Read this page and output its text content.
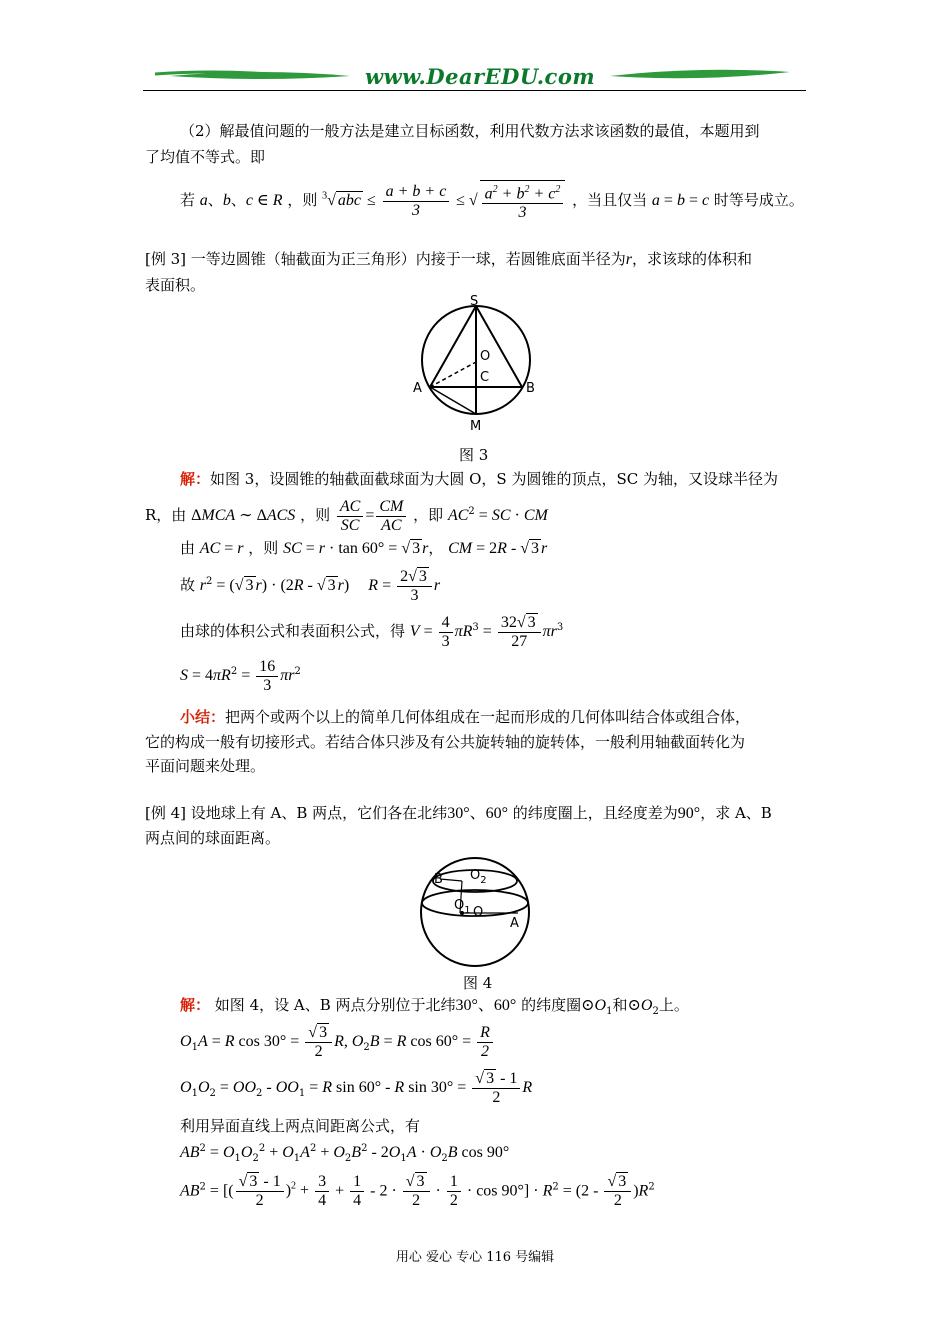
www.DearEDU.com
（2）解最值问题的一般方法是建立目标函数，利用代数方法求该函数的最值，本题用到
了均值不等式。即
若 a、b、c ∈ R ，则 $^3$√ abc ≤ $\frac{a + b + c}{3}$ ≤ √ $\frac{a^2 + b^2 + c^2}{3}$ ，当且仅当 a = b = c 时等号成立。
[例 3] 一等边圆锥（轴截面为正三角形）内接于一球，若圆锥底面半径为r，求该球的体积和
表面积。
S
O
C
A	B
M
图 3
解：如图 3，设圆锥的轴截面截球面为大圆 O，S 为圆锥的顶点，SC 为轴，又设球半径为
R，由 ΔMCA ∼ ΔACS ，则 $\frac{AC}{SC} = \frac{CM}{AC}$ ，即 $AC^2$ = SC · CM
由 AC = r ，则 SC = r · tan 60° = √ 3 r， CM = 2R - √ 3 r
故 $r^2$ = (√ 3 r) · (2R - √ 3 r) $R = \frac{2√ 3}{3}$ r
由球的体积公式和表面积公式，得 $V = \frac{4}{3} \pi R^3 = \frac{32√ 3}{27} \pi r^3$
$S = 4\pi R^2 = \frac{16}{3} \pi r^2$
小结：把两个或两个以上的简单几何体组成在一起而形成的几何体叫结合体或组合体，
它的构成一般有切接形式。若结合体只涉及有公共旋转轴的旋转体，一般利用轴截面转化为
平面问题来处理。
[例 4] 设地球上有 A、B 两点，它们各在北纬30°、60° 的纬度圈上，且经度差为90°，求 A、B
两点间的球面距离。
B $O_2$
$O_1$ O
A
图 4
解： 如图 4，设 A、B 两点分别位于北纬30°、60° 的纬度圈$⊙O_1$和$⊙O_2$上。
$O_1A = R$ $\cos 30^\circ = \frac{√ 3}{2} R$, $O_2B = R$ $\cos 60^\circ = \frac{R}{2}$
$O_1O_2 = OO_2 - OO_1 = R$ sin 60° - R $\sin 30^\circ = \frac{√ 3 - 1}{2}$ R
利用异面直线上两点间距离公式，有
$AB^2 = O_1O_2^2 + O_1A^2 + O_2B^2 - 2O_1A \cdot O_2B$ cos 90°
$AB^2$ = [( $\frac{√ 3 - 1}{2} )^2 + \frac{3}{4} + \frac{1}{4} - 2 \cdot \frac{√ 3}{2} \cdot \frac{1}{2} \cdot \cos 90^\circ] \cdot R^2 = (2 - \frac{√ 3}{2} )R^2$
用心 爱心 专心 116 号编辑
